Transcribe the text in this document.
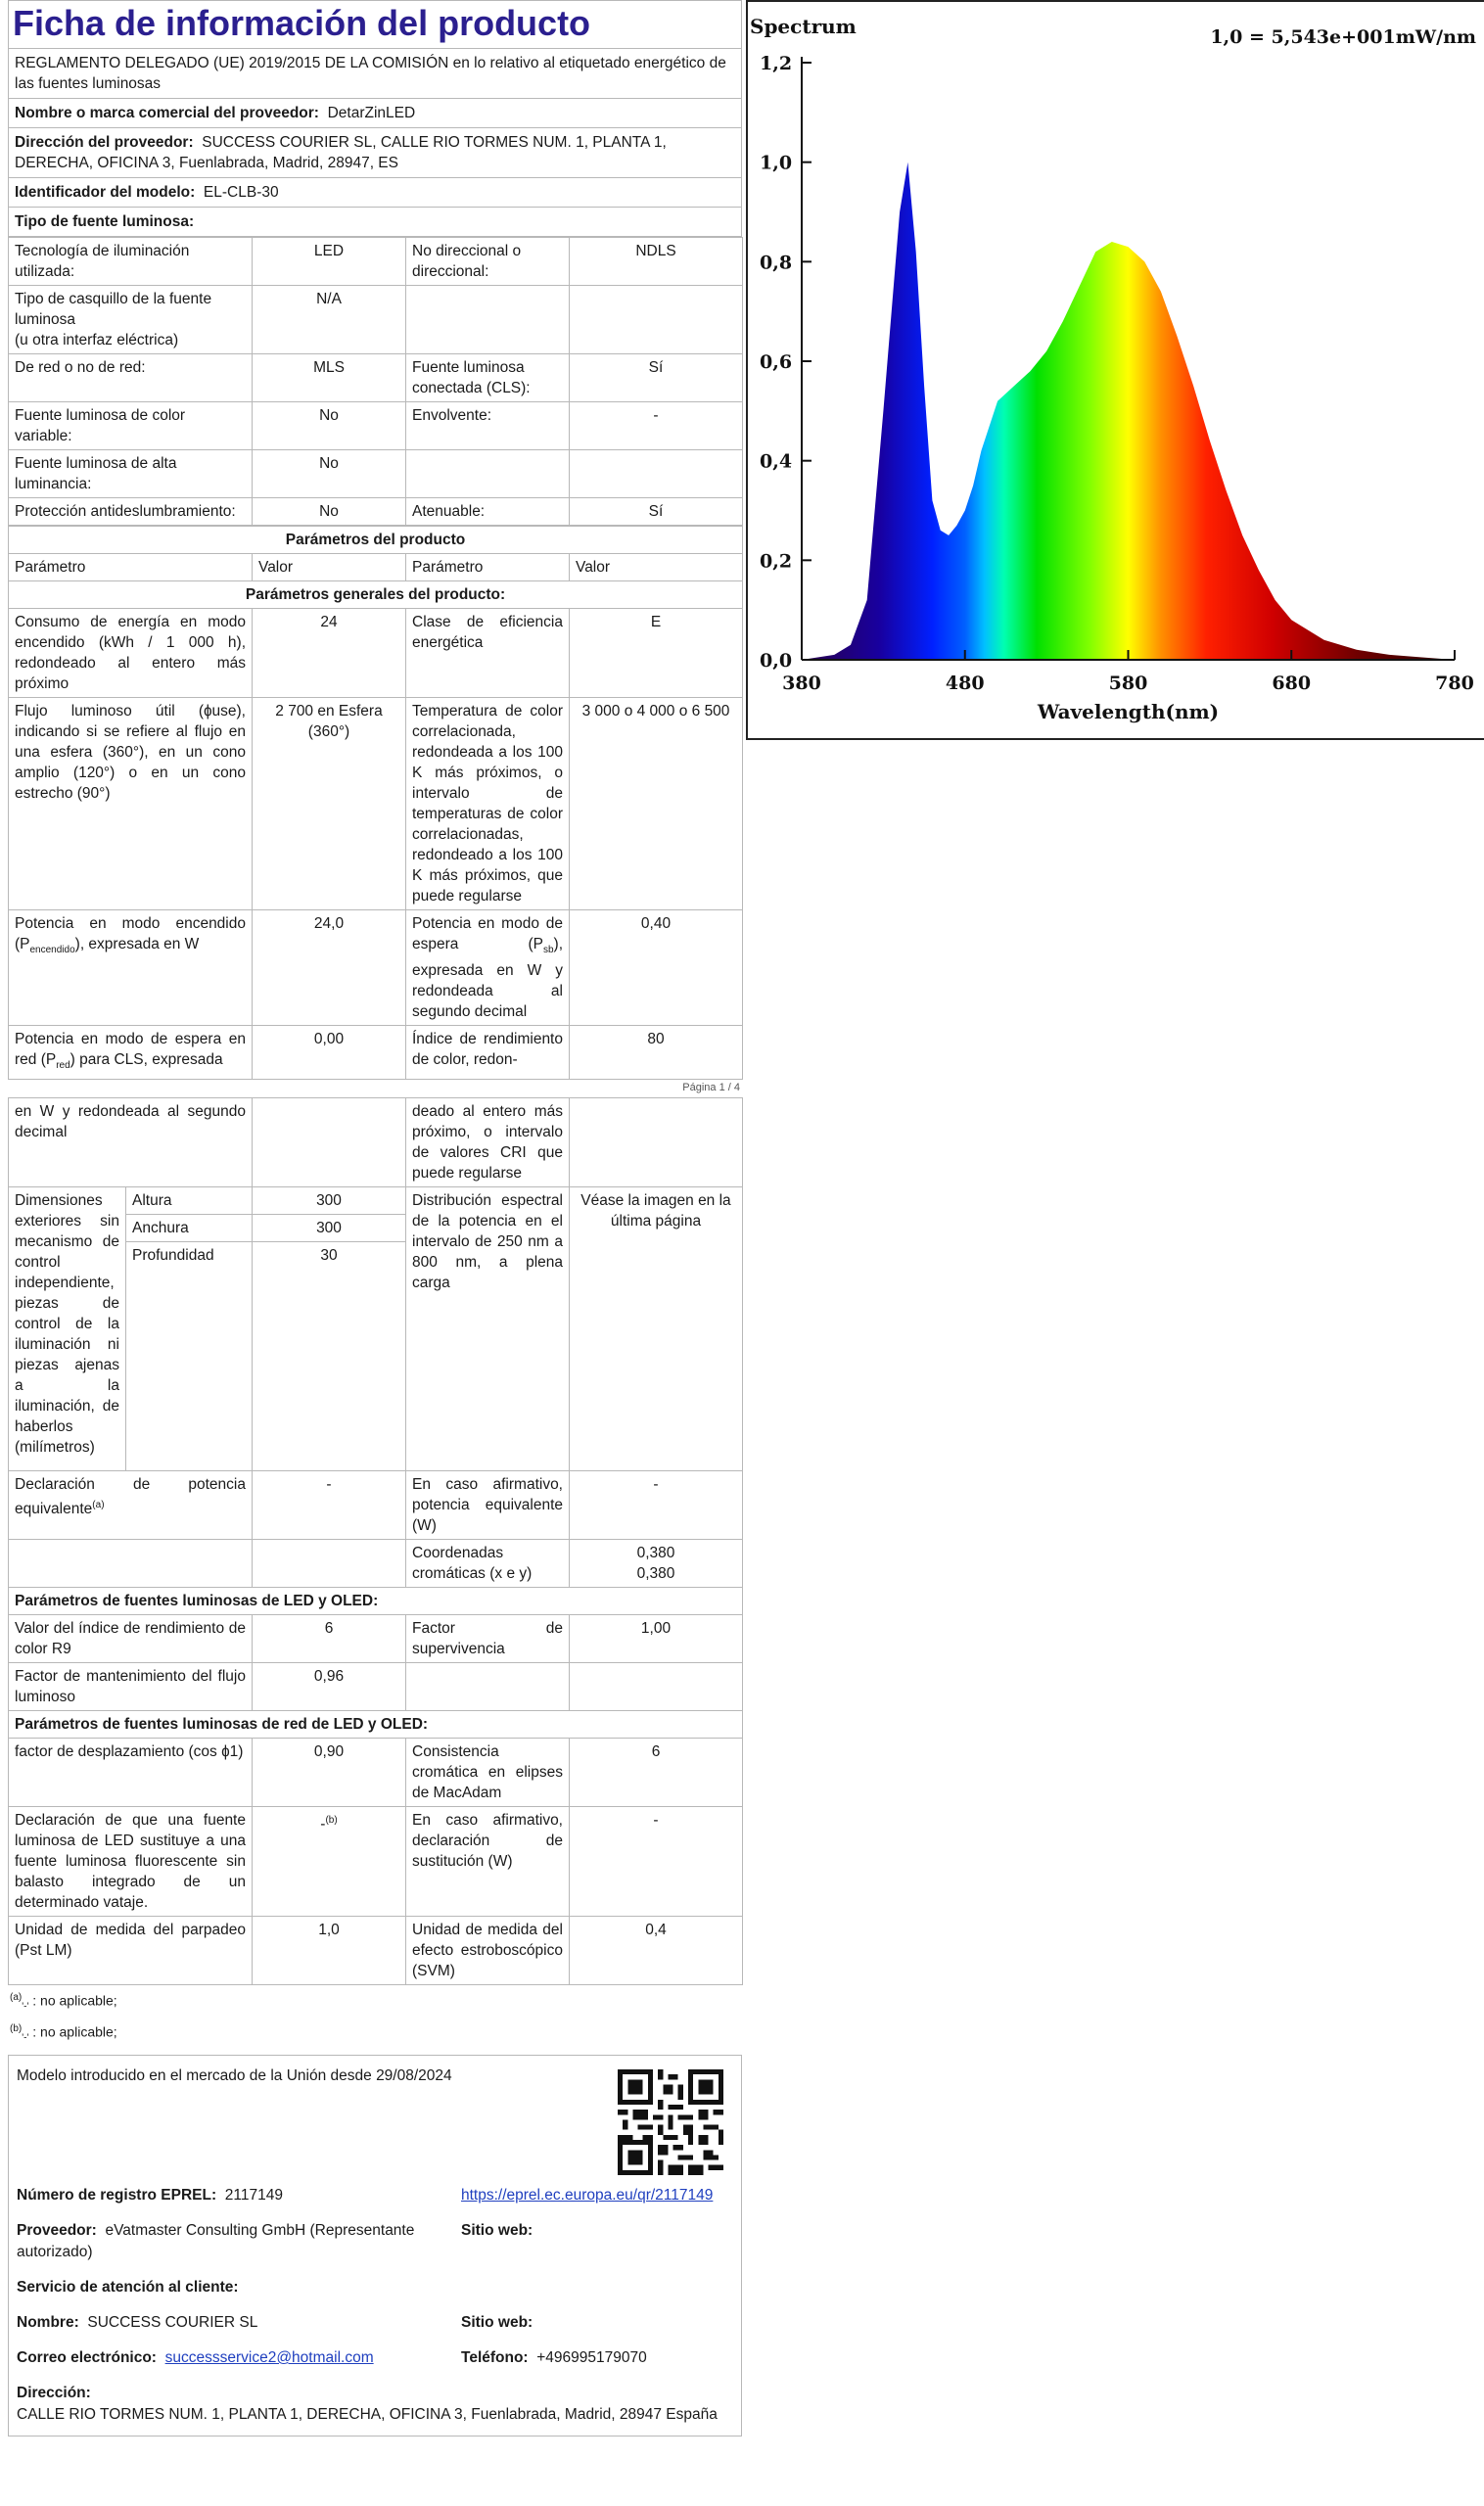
Ficha de información del producto
REGLAMENTO DELEGADO (UE) 2019/2015 DE LA COMISIÓN en lo relativo al etiquetado energético de las fuentes luminosas
Nombre o marca comercial del proveedor: DetarZinLED
Dirección del proveedor: SUCCESS COURIER SL, CALLE RIO TORMES NUM. 1, PLANTA 1, DERECHA, OFICINA 3, Fuenlabrada, Madrid, 28947, ES
Identificador del modelo: EL-CLB-30
Tipo de fuente luminosa:
Tecnología de iluminación utilizada:	LED	No direccional o direccional:	NDLS

Tipo de casquillo de la fuente luminosa
(u otra interfaz eléctrica)	N/A		
De red o no de red:	MLS	Fuente luminosa conectada (CLS):	Sí
Fuente luminosa de color variable:	No	Envolvente:	-
Fuente luminosa de alta luminancia:	No		
Protección antideslumbramiento:	No	Atenuable:	Sí
Parámetros del producto			
Parámetro	Valor	Parámetro	Valor
Parámetros generales del producto:			
Consumo de energía en modo encendido (kWh / 1 000 h), redondeado al entero más próximo	24	Clase de eficiencia energética	E
Flujo luminoso útil (ɸuse), indicando si se refiere al flujo en una esfera (360°), en un cono amplio (120°) o en un cono estrecho (90°)	2 700 en Esfera (360°)	Temperatura de color correlacionada, redondeada a los 100 K más próximos, o intervalo de temperaturas de color correlacionadas, redondeado a los 100 K más próximos, que puede regularse	3 000 o 4 000 o 6 500
Potencia en modo encendido $(P_{encendido})$, expresada en W	24,0	Potencia en modo de espera $(P_{sb})$, expresada en W y redondeada al segundo decimal	0,40
Potencia en modo de espera en red $(P_{red})$ para CLS, expresada	0,00	Índice de rendimiento de color, redon-	80
Página 1 / 4
en W y redondeada al segundo decimal			deado al entero más próximo, o intervalo de valores CRI que puede regularse	
Dimensiones exteriores sin mecanismo de control independiente, piezas de control de la iluminación ni piezas ajenas a la iluminación, de haberlos (milímetros)	Altura	300	Distribución espectral de la potencia en el intervalo de 250 nm a 800 nm, a plena carga	Véase la imagen en la última página
	Anchura	300		
	Profundidad	30		

Declaración de potencia equivalente$^{(a)}$		-	En caso afirmativo, potencia equivalente (W)	-
			Coordenadas cromáticas (x e y)	0,380
0,380

Parámetros de fuentes luminosas de LED y OLED:				
Valor del índice de rendimiento de color R9		6	Factor de supervivencia	1,00
Factor de mantenimiento del flujo luminoso		0,96		
Parámetros de fuentes luminosas de red de LED y OLED:				
factor de desplazamiento (cos ɸ1)		0,90	Consistencia cromática en elipses de MacAdam	6
Declaración de que una fuente luminosa de LED sustituye a una fuente luminosa fluorescente sin balasto integrado de un determinado vataje.		-$^{(b)}$	En caso afirmativo, declaración de sustitución (W)	-
Unidad de medida del parpadeo (Pst LM)		1,0	Unidad de medida del efecto estroboscópico (SVM)	0,4
$^{(a)}_{'-'}$ : no aplicable;
$^{(b)}_{'-'}$ : no aplicable;
Modelo introducido en el mercado de la Unión desde 29/08/2024
Número de registro EPREL: 2117149	https://eprel.ec.europa.eu/qr/2117149
Proveedor: eVatmaster Consulting GmbH (Representante autorizado)
Sitio web:
Servicio de atención al cliente:
Nombre: SUCCESS COURIER SL	Sitio web:
Correo electrónico: successservice2@hotmail.com	Teléfono: +496995179070
Dirección:
CALLE RIO TORMES NUM. 1, PLANTA 1, DERECHA, OFICINA 3, Fuenlabrada, Madrid, 28947 España
0,0
0,2
0,4
0,6
0,8
1,0
1,2
380	480	580	680	780
Spectrum	1,0 = 5,543e+001mW/nm
Wavelength(nm)
